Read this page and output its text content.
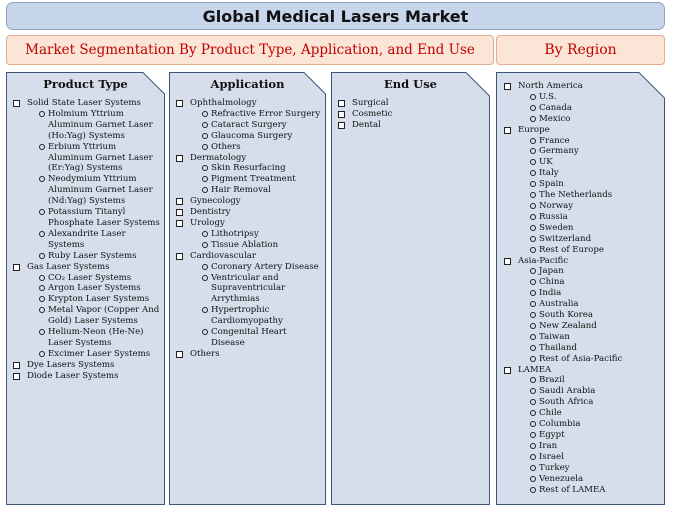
Global Medical Lasers Market
Market Segmentation By Product Type, Application, and End Use	By Region
Product Type
Solid State Laser Systems
Holmium Yttrium Aluminum Garnet Laser (Ho:Yag) Systems
Erbium Yttrium Aluminum Garnet Laser (Er:Yag) Systems
Neodymium Yttrium Aluminum Garnet Laser (Nd:Yag) Systems
Potassium Titanyl Phosphate Laser Systems
Alexandrite Laser Systems
Ruby Laser Systems
Gas Laser Systems
CO₂ Laser Systems
Argon Laser Systems
Krypton Laser Systems
Metal Vapor (Copper And Gold) Laser Systems
Helium-Neon (He-Ne) Laser Systems
Excimer Laser Systems
Dye Lasers Systems
Diode Laser Systems
Application
Ophthalmology
Refractive Error Surgery
Cataract Surgery
Glaucoma Surgery
Others
Dermatology
Skin Resurfacing
Pigment Treatment
Hair Removal
Gynecology
Dentistry
Urology
Lithotripsy
Tissue Ablation
Cardiovascular
Coronary Artery Disease
Ventricular and Supraventricular Arrythmias
Hypertrophic Cardiomyopathy
Congenital Heart Disease
Others
End Use
Surgical
Cosmetic
Dental
North America
U.S.
Canada
Mexico
Europe
France
Germany
UK
Italy
Spain
The Netherlands
Norway
Russia
Sweden
Switzerland
Rest of Europe
Asia-Pacific
Japan
China
India
Australia
South Korea
New Zealand
Taiwan
Thailand
Rest of Asia-Pacific
LAMEA
Brazil
Saudi Arabia
South Africa
Chile
Columbia
Egypt
Iran
Israel
Turkey
Venezuela
Rest of LAMEA
